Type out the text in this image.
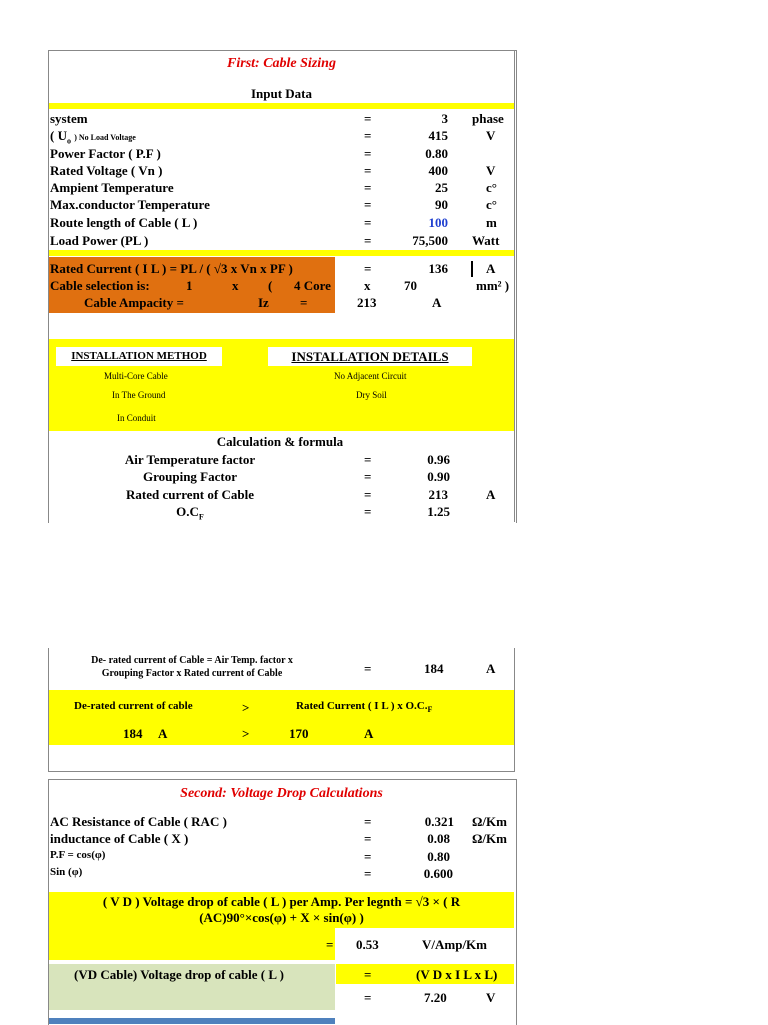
First: Cable Sizing
Input Data
system	=	3 phase
( $U_o$ ) No Load Voltage	=	415	V
Power Factor ( P.F )	=	0.80
Rated Voltage ( Vn )	=	400	V
Ampient Temperature	=	25	c°
Max.conductor Temperature	=	90	c°
Route length of Cable ( L )	=	100	m
Load Power (PL )	=	75,500 Watt
Rated Current ( I L ) = PL / ( √3 x Vn x PF )	=	136	A
Cable selection is:	1	x ( 4 Core	x	70	mm² )
Cable Ampacity =	Iz =	213	A
INSTALLATION METHOD	INSTALLATION DETAILS
Multi-Core Cable
In The Ground
In Conduit
No Adjacent Circuit
Dry Soil
Calculation & formula
Air Temperature factor	=	0.96
Grouping Factor	=	0.90
Rated current of Cable	=	213	A
$O.C_F$	=	1.25
De- rated current of Cable = Air Temp. factor x
Grouping Factor x Rated current of Cable	=	184	A
De-rated current of cable	>	Rated Current ( I L ) x $O.C._F$
184 A	>	170	A
Second: Voltage Drop Calculations
AC Resistance of Cable ( RAC )	=	0.321 Ω/Km
inductance of Cable ( X )	=	0.08 Ω/Km
P.F = cos(φ)	=	0.80
Sin (φ)	=	0.600
( V D ) Voltage drop of cable ( L ) per Amp. Per legnth = √3 × ( R
(AC)90°×cos(φ) + X × sin(φ) )
= 0.53	V/Amp/Km
(VD Cable) Voltage drop of cable ( L )	=	(V D x I L x L)
=	7.20	V
